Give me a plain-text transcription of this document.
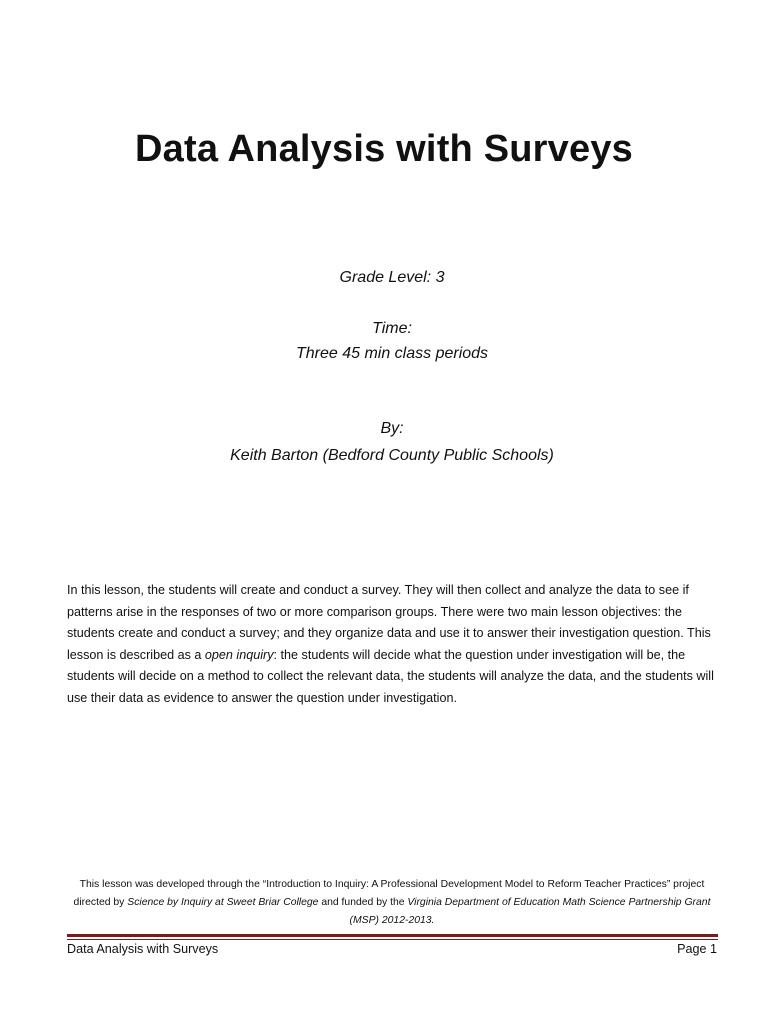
Data Analysis with Surveys
Grade Level: 3
Time:
Three 45 min class periods
By:
Keith Barton (Bedford County Public Schools)

In this lesson, the students will create and conduct a survey. They will then collect and analyze the data to see if patterns arise in the responses of two or more comparison groups. There were two main lesson objectives: the students create and conduct a survey; and they organize data and use it to answer their investigation question. This lesson is described as a open inquiry: the students will decide what the question under investigation will be, the students will decide on a method to collect the relevant data, the students will analyze the data, and the students will use their data as evidence to answer the question under investigation.

This lesson was developed through the “Introduction to Inquiry: A Professional Development Model to Reform Teacher Practices” project directed by Science by Inquiry at Sweet Briar College and funded by the Virginia Department of Education Math Science Partnership Grant (MSP) 2012-2013.
Data Analysis with Surveys	Page 1
